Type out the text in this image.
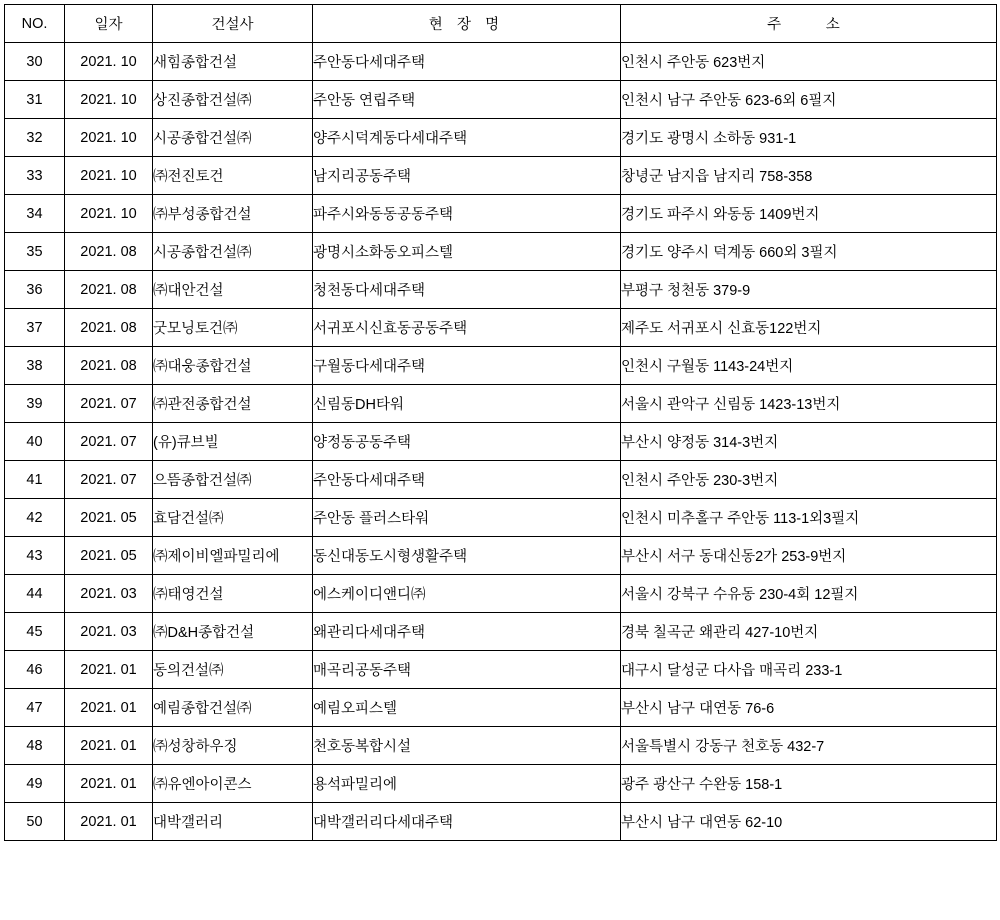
NO.	일자	건설사	현 장 명	주 소
30	2021. 10	새힘종합건설	주안동다세대주택	인천시 주안동 623번지
31	2021. 10	상진종합건설㈜	주안동 연립주택	인천시 남구 주안동 623-6외 6필지
32	2021. 10	시공종합건설㈜	양주시덕계동다세대주택	경기도 광명시 소하동 931-1
33	2021. 10	㈜전진토건	남지리공동주택	창녕군 남지읍 남지리 758-358
34	2021. 10	㈜부성종합건설	파주시와동동공동주택	경기도 파주시 와동동 1409번지
35	2021. 08	시공종합건설㈜	광명시소화동오피스텔	경기도 양주시 덕계동 660외 3필지
36	2021. 08	㈜대안건설	청천동다세대주택	부평구 청천동 379-9
37	2021. 08	굿모닝토건㈜	서귀포시신효동공동주택	제주도 서귀포시 신효동122번지
38	2021. 08	㈜대웅종합건설	구월동다세대주택	인천시 구월동 1143-24번지
39	2021. 07	㈜관전종합건설	신림동DH타워	서울시 관악구 신림동 1423-13번지
40	2021. 07	(유)큐브빌	양정동공동주택	부산시 양정동 314-3번지
41	2021. 07	으뜸종합건설㈜	주안동다세대주택	인천시 주안동 230-3번지
42	2021. 05	효담건설㈜	주안동 플러스타워	인천시 미추홀구 주안동 113-1외3필지
43	2021. 05	㈜제이비엘파밀리에	동신대동도시형생활주택	부산시 서구 동대신동2가 253-9번지
44	2021. 03	㈜태영건설	에스케이디앤디㈜	서울시 강북구 수유동 230-4회 12필지
45	2021. 03	㈜D&H종합건설	왜관리다세대주택	경북 칠곡군 왜관리 427-10번지
46	2021. 01	동의건설㈜	매곡리공동주택	대구시 달성군 다사읍 매곡리 233-1
47	2021. 01	예림종합건설㈜	예림오피스텔	부산시 남구 대연동 76-6
48	2021. 01	㈜성창하우징	천호동복합시설	서울특별시 강동구 천호동 432-7
49	2021. 01	㈜유엔아이콘스	용석파밀리에	광주 광산구 수완동 158-1
50	2021. 01	대박갤러리	대박갤러리다세대주택	부산시 남구 대연동 62-10
